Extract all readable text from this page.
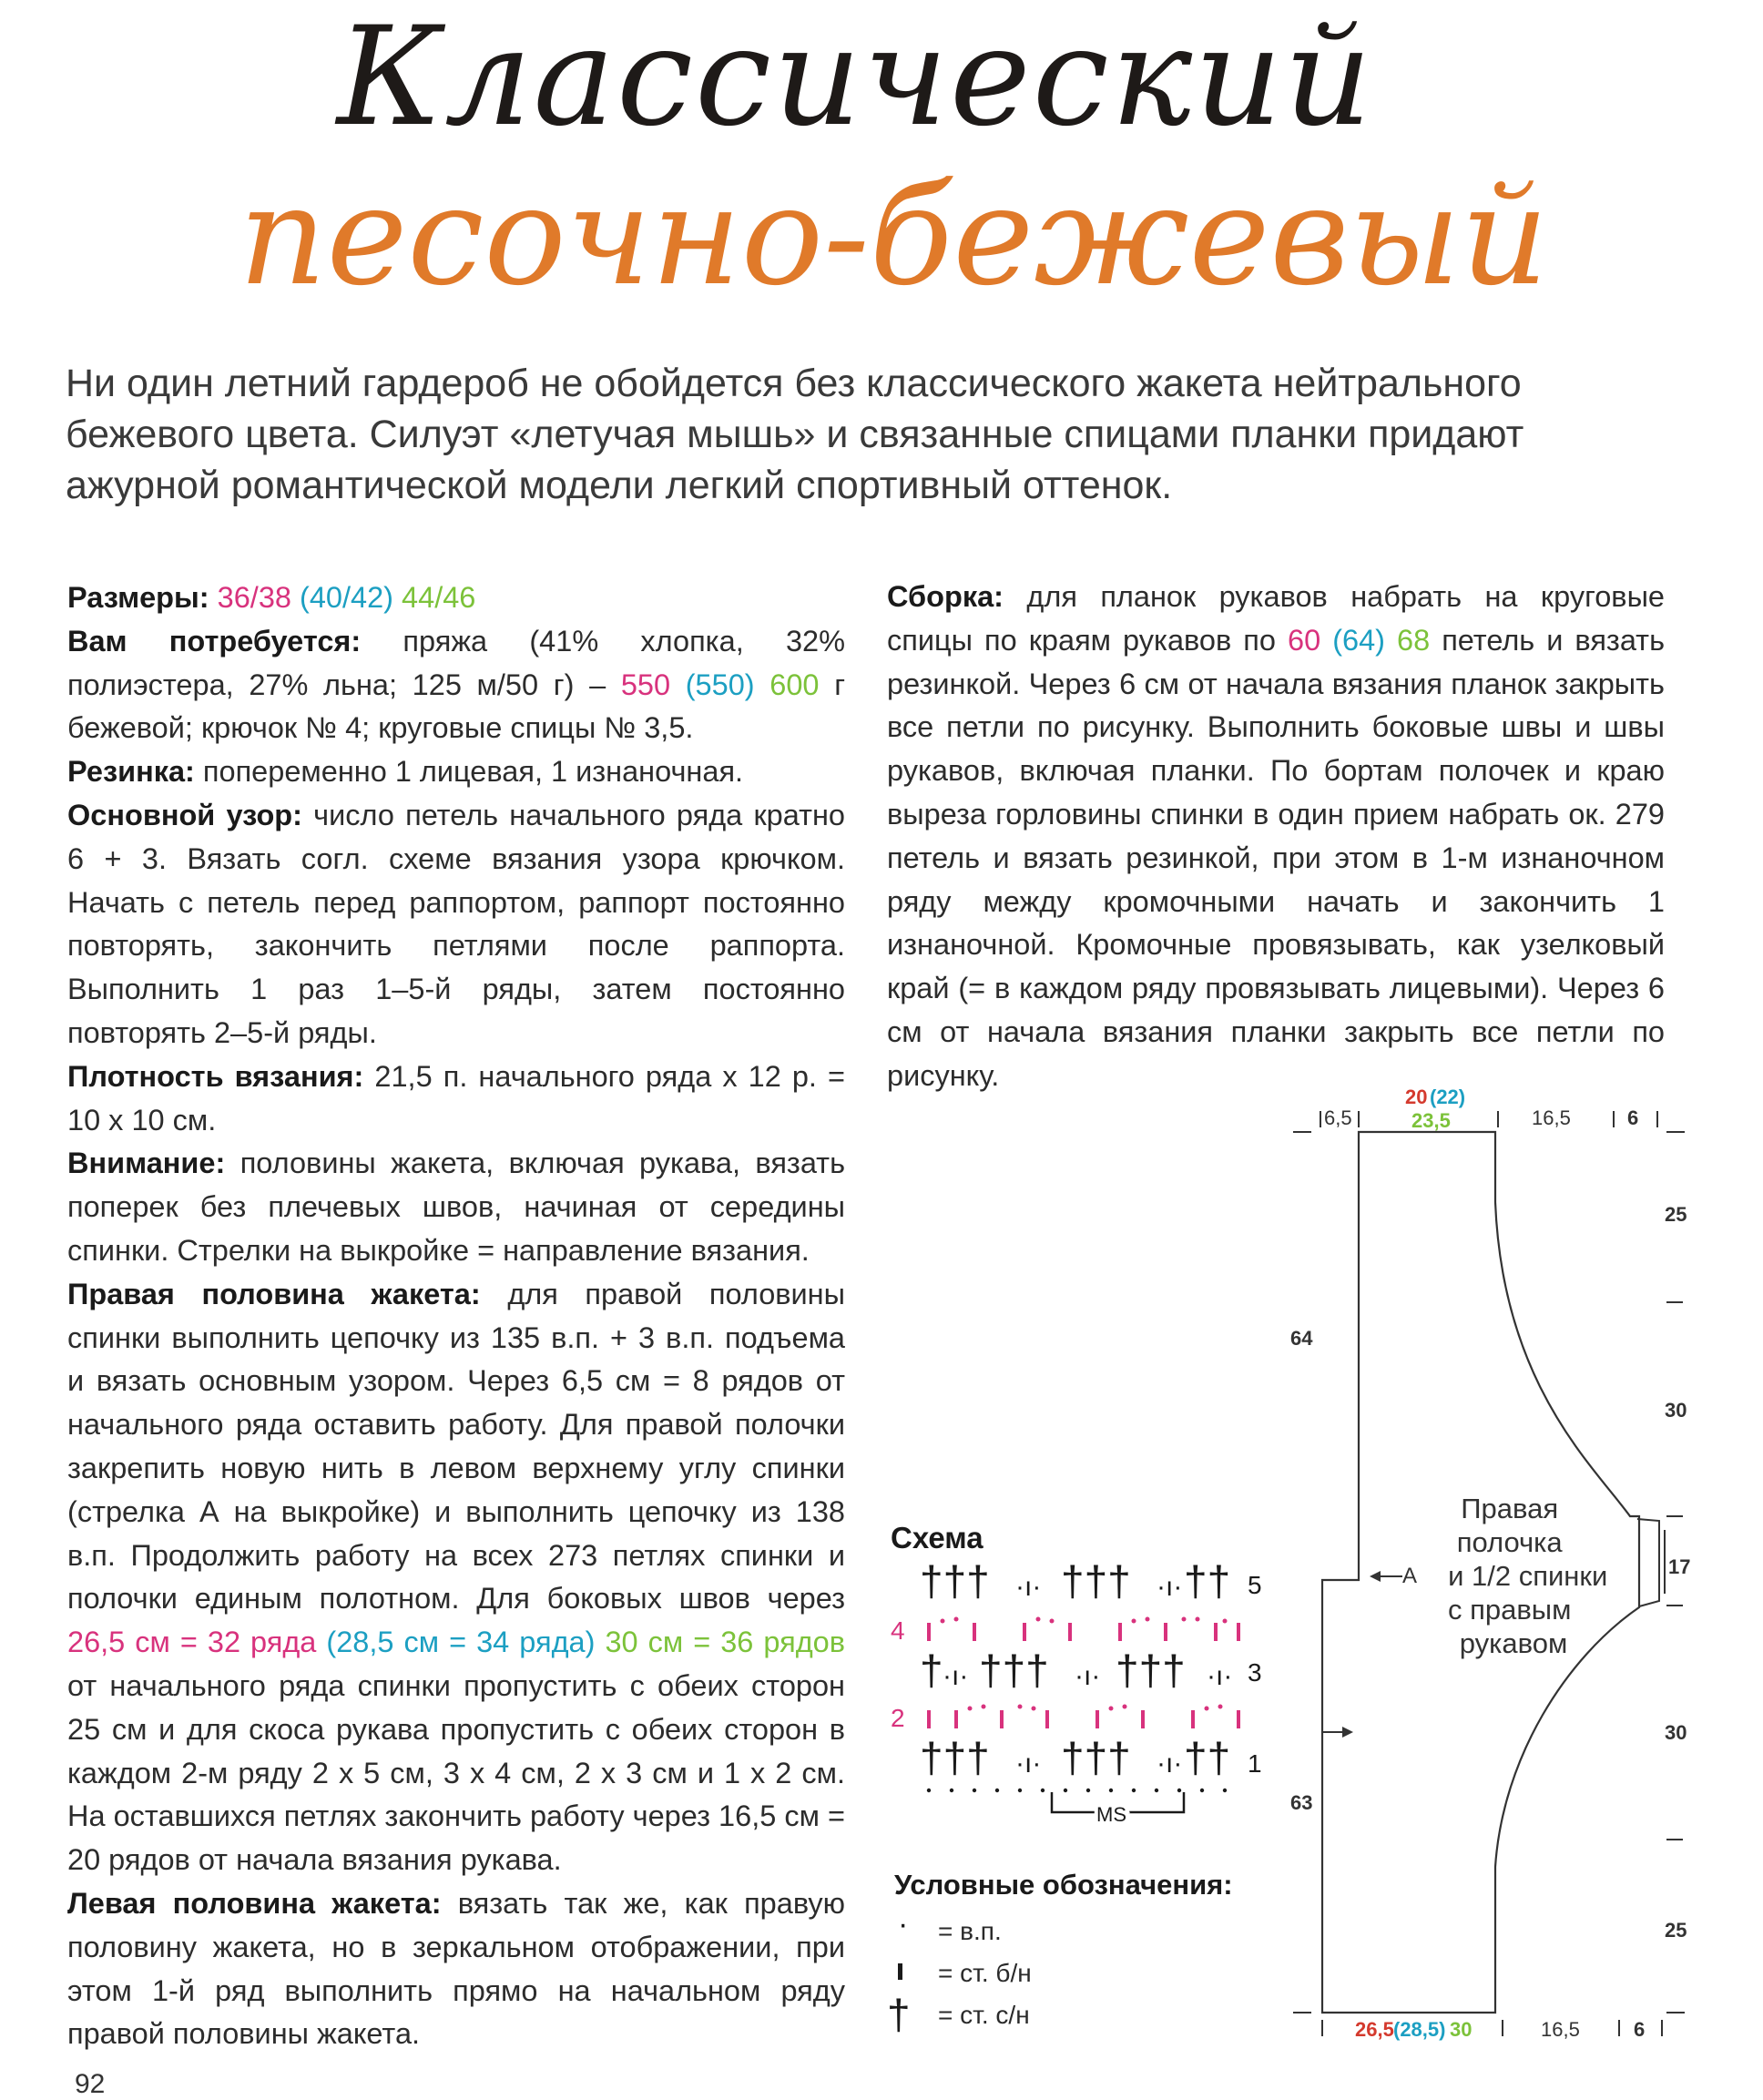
Классический
песочно-бежевый
Ни один летний гардероб не обойдется без классического жакета нейтрального бежевого цвета. Силуэт «летучая мышь» и связанные спицами планки придают ажурной романтической модели легкий спортивный оттенок.

Размеры: 36/38 (40/42) 44/46

Вам потребуется: пряжа (41% хлопка, 32% полиэстера, 27% льна; 125 м/50 г) – 550 (550) 600 г бежевой; крючок № 4; круговые спицы № 3,5.

Резинка: попеременно 1 лицевая, 1 изнаночная.

Основной узор: число петель начального ряда кратно 6 + 3. Вязать согл. схеме вязания узора крючком. Начать с петель перед раппортом, раппорт постоянно повторять, закончить петлями после раппорта. Выполнить 1 раз 1–5-й ряды, затем постоянно повторять 2–5-й ряды.

Плотность вязания: 21,5 п. начального ряда х 12 р. = 10 х 10 см.

Внимание: половины жакета, включая рукава, вязать поперек без плечевых швов, начиная от середины спинки. Стрелки на выкройке = направление вязания.

Правая половина жакета: для правой половины спинки выполнить цепочку из 135 в.п. + 3 в.п. подъема и вязать основным узором. Через 6,5 см = 8 рядов от начального ряда оставить работу. Для правой полочки закрепить новую нить в левом верхнему углу спинки (стрелка А на выкройке) и выполнить цепочку из 138 в.п. Продолжить работу на всех 273 петлях спинки и полочки единым полотном. Для боковых швов через 26,5 см = 32 ряда (28,5 см = 34 ряда) 30 см = 36 рядов от начального ряда спинки пропустить с обеих сторон 25 см и для скоса рукава пропустить с обеих сторон в каждом 2-м ряду 2 х 5 см, 3 х 4 см, 2 х 3 см и 1 х 2 см. На оставшихся петлях закончить работу через 16,5 см = 20 рядов от начала вязания рукава.

Левая половина жакета: вязать так же, как правую половину жакета, но в зеркальном отображении, при этом 1-й ряд выполнить прямо на начальном ряду правой половины жакета.

Сборка: для планок рукавов набрать на круговые спицы по краям рукавов по 60 (64) 68 петель и вязать резинкой. Через 6 см от начала вязания планок закрыть все петли по рисунку. Выполнить боковые швы и швы рукавов, включая планки. По бортам полочек и краю выреза горловины спинки в один прием набрать ок. 279 петель и вязать резинкой, при этом в 1-м изнаночном ряду между кромочными начать и закончить 1 изнаночной. Кромочные провязывать, как узелковый край (= в каждом ряду провязывать лицевыми). Через 6 см от начала вязания планки закрыть все петли по рисунку.

Схема
††† ·ı· ††† ·ı· †† 5
4
† ·ı· ††† ·ı· ††† ·ı· 3
2
††† ·ı· ††† ·ı· †† 1
MS
Условные обозначения:
· = в.п.
= ст. б/н
† = ст. с/н
6,5
20 (22)
23,5	16,5	6
26,5 (28,5) 30	16,5	6
64
63
25
30
17
30
25
A
Правая полочка и 1/2 спинки с правым рукавом
92
